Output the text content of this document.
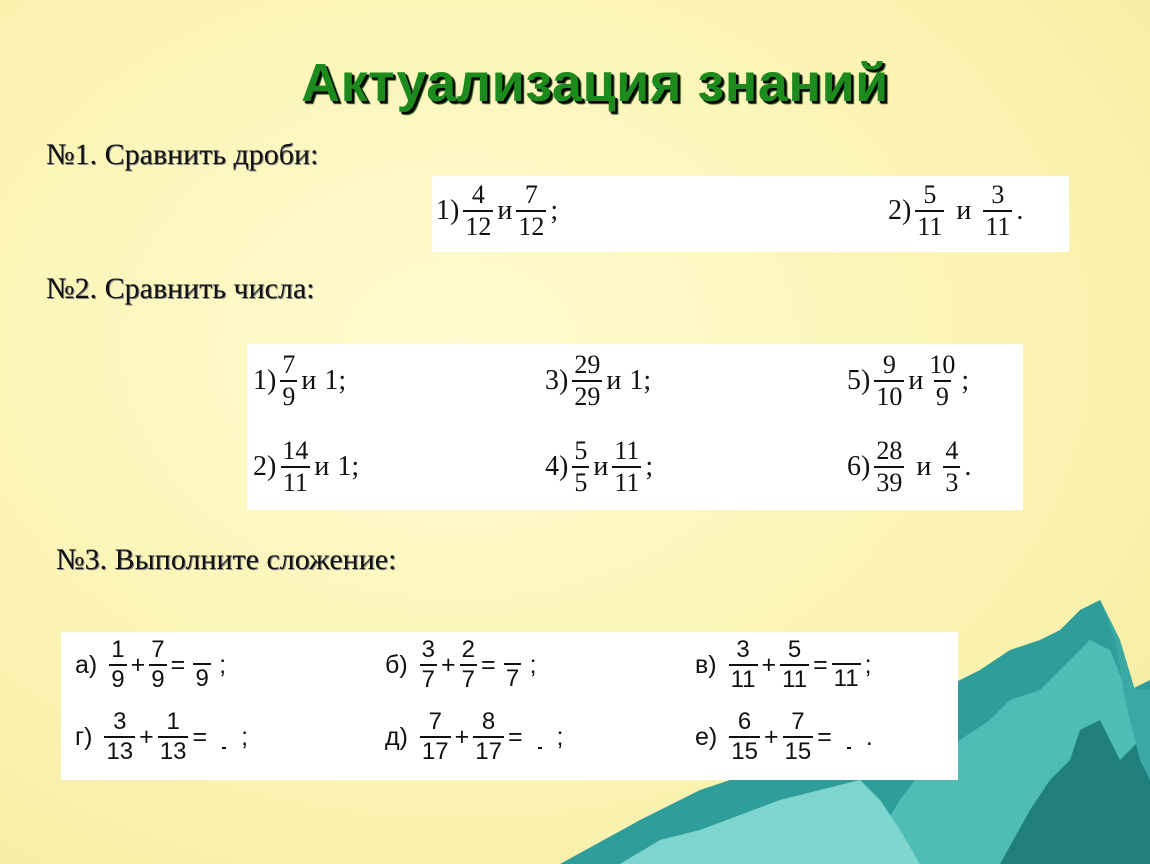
Актуализация знаний
№1. Сравнить дроби:
$1) \frac{4}{12}$ и $\frac{7}{12}$ ;	$2) \frac{5}{11}$ и $\frac{3}{11}$ .
№2. Сравнить числа:
$1) \frac{7}{9}$ и 1 ;	$3) \frac{29}{29}$ и 1 ;	$5) \frac{9}{10}$ и $\frac{10}{9}$ ;
$2) \frac{14}{11}$ и 1 ;	$4) \frac{5}{5}$ и $\frac{11}{11}$ ;	$6) \frac{28}{39}$ и $\frac{4}{3}$ .
№3. Выполните сложение:
$а) \frac{1}{9} + \frac{7}{9} = 9$ ;	$б) \frac{3}{7} + \frac{2}{7} = 7$ ;	$в) \frac{3}{11} + \frac{5}{11} = 11$ ;
$г) \frac{3}{13} + \frac{1}{13}$ = ;	$д) \frac{7}{17} + \frac{8}{17}$ = ;	$е) \frac{6}{15} + \frac{7}{15}$ = .
